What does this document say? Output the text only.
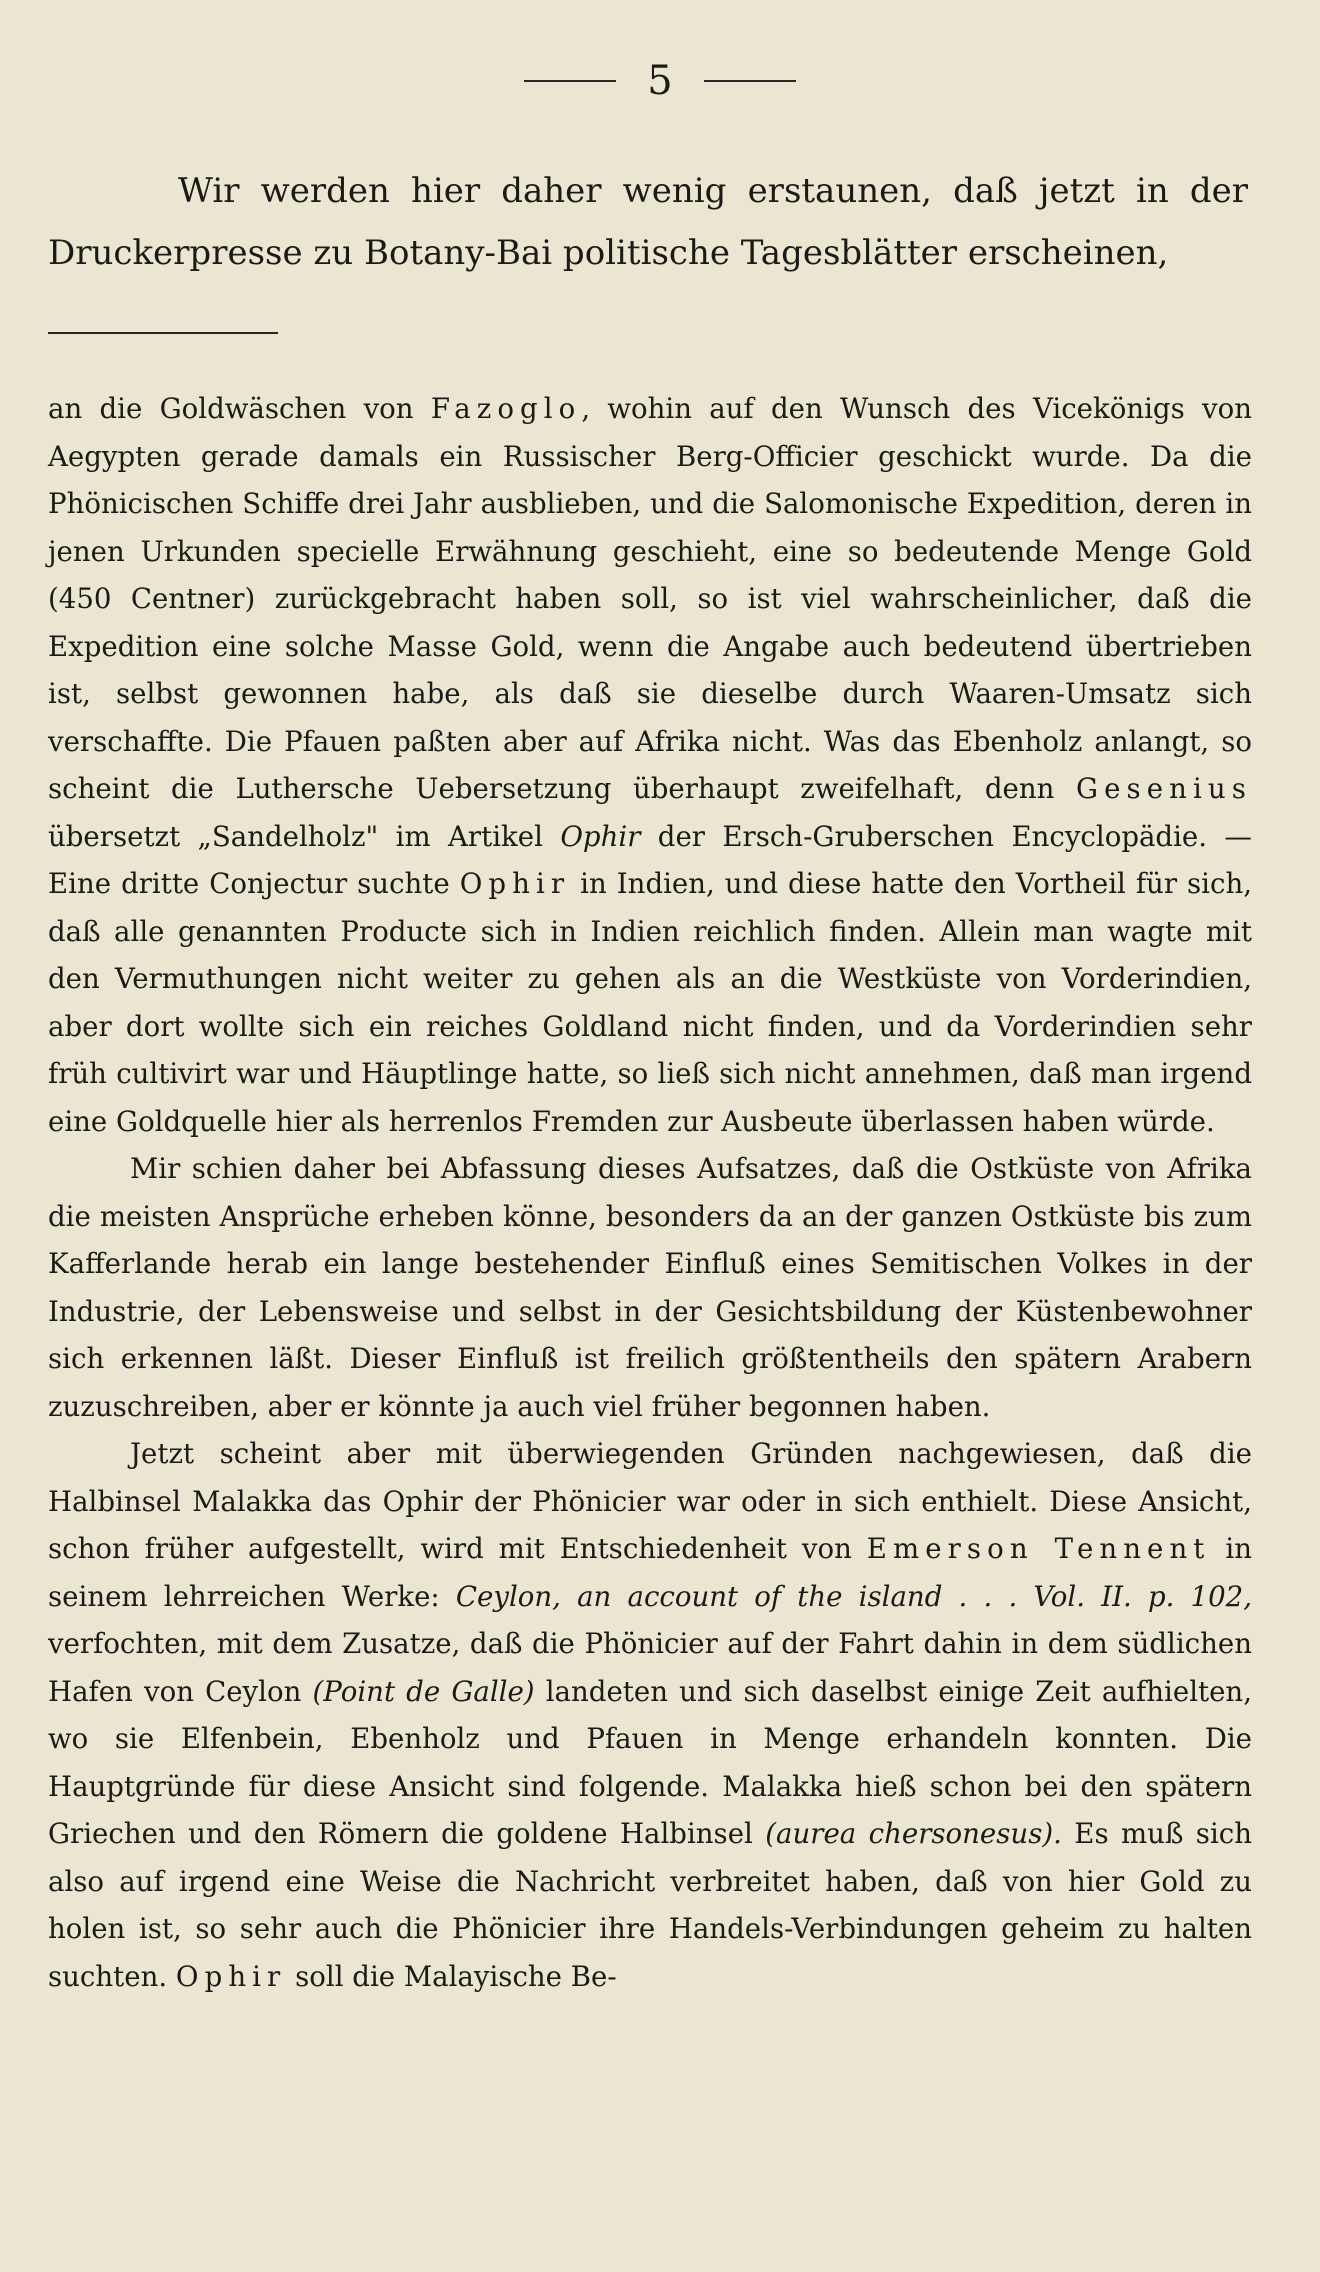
5

Wir werden hier daher wenig erstaunen, daß jetzt in der Druckerpresse zu Botany-Bai politische Tagesblätter erscheinen,

an die Goldwäschen von Fazoglo, wohin auf den Wunsch des Vicekönigs von Aegypten gerade damals ein Russischer Berg-Officier geschickt wurde. Da die Phönicischen Schiffe drei Jahr ausblieben, und die Salomonische Expedition, deren in jenen Urkunden specielle Erwähnung geschieht, eine so bedeutende Menge Gold (450 Centner) zurückgebracht haben soll, so ist viel wahrscheinlicher, daß die Expedition eine solche Masse Gold, wenn die Angabe auch bedeutend übertrieben ist, selbst gewonnen habe, als daß sie dieselbe durch Waaren-Umsatz sich verschaffte. Die Pfauen paßten aber auf Afrika nicht. Was das Ebenholz anlangt, so scheint die Luthersche Uebersetzung überhaupt zweifelhaft, denn Gesenius übersetzt „Sandelholz" im Artikel Ophir der Ersch-Gruberschen Encyclopädie. — Eine dritte Conjectur suchte Ophir in Indien, und diese hatte den Vortheil für sich, daß alle genannten Producte sich in Indien reichlich finden. Allein man wagte mit den Vermuthungen nicht weiter zu gehen als an die Westküste von Vorderindien, aber dort wollte sich ein reiches Goldland nicht finden, und da Vorderindien sehr früh cultivirt war und Häuptlinge hatte, so ließ sich nicht annehmen, daß man irgend eine Goldquelle hier als herrenlos Fremden zur Ausbeute überlassen haben würde.

Mir schien daher bei Abfassung dieses Aufsatzes, daß die Ostküste von Afrika die meisten Ansprüche erheben könne, besonders da an der ganzen Ostküste bis zum Kafferlande herab ein lange bestehender Einfluß eines Semitischen Volkes in der Industrie, der Lebensweise und selbst in der Gesichtsbildung der Küstenbewohner sich erkennen läßt. Dieser Einfluß ist freilich größtentheils den spätern Arabern zuzuschreiben, aber er könnte ja auch viel früher begonnen haben.

Jetzt scheint aber mit überwiegenden Gründen nachgewiesen, daß die Halbinsel Malakka das Ophir der Phönicier war oder in sich enthielt. Diese Ansicht, schon früher aufgestellt, wird mit Entschiedenheit von Emerson Tennent in seinem lehrreichen Werke: Ceylon, an account of the island . . . Vol. II. p. 102, verfochten, mit dem Zusatze, daß die Phönicier auf der Fahrt dahin in dem südlichen Hafen von Ceylon (Point de Galle) landeten und sich daselbst einige Zeit aufhielten, wo sie Elfenbein, Ebenholz und Pfauen in Menge erhandeln konnten. Die Hauptgründe für diese Ansicht sind folgende. Malakka hieß schon bei den spätern Griechen und den Römern die goldene Halbinsel (aurea chersonesus). Es muß sich also auf irgend eine Weise die Nachricht verbreitet haben, daß von hier Gold zu holen ist, so sehr auch die Phönicier ihre Handels-Verbindungen geheim zu halten suchten. Ophir soll die Malayische Be-
